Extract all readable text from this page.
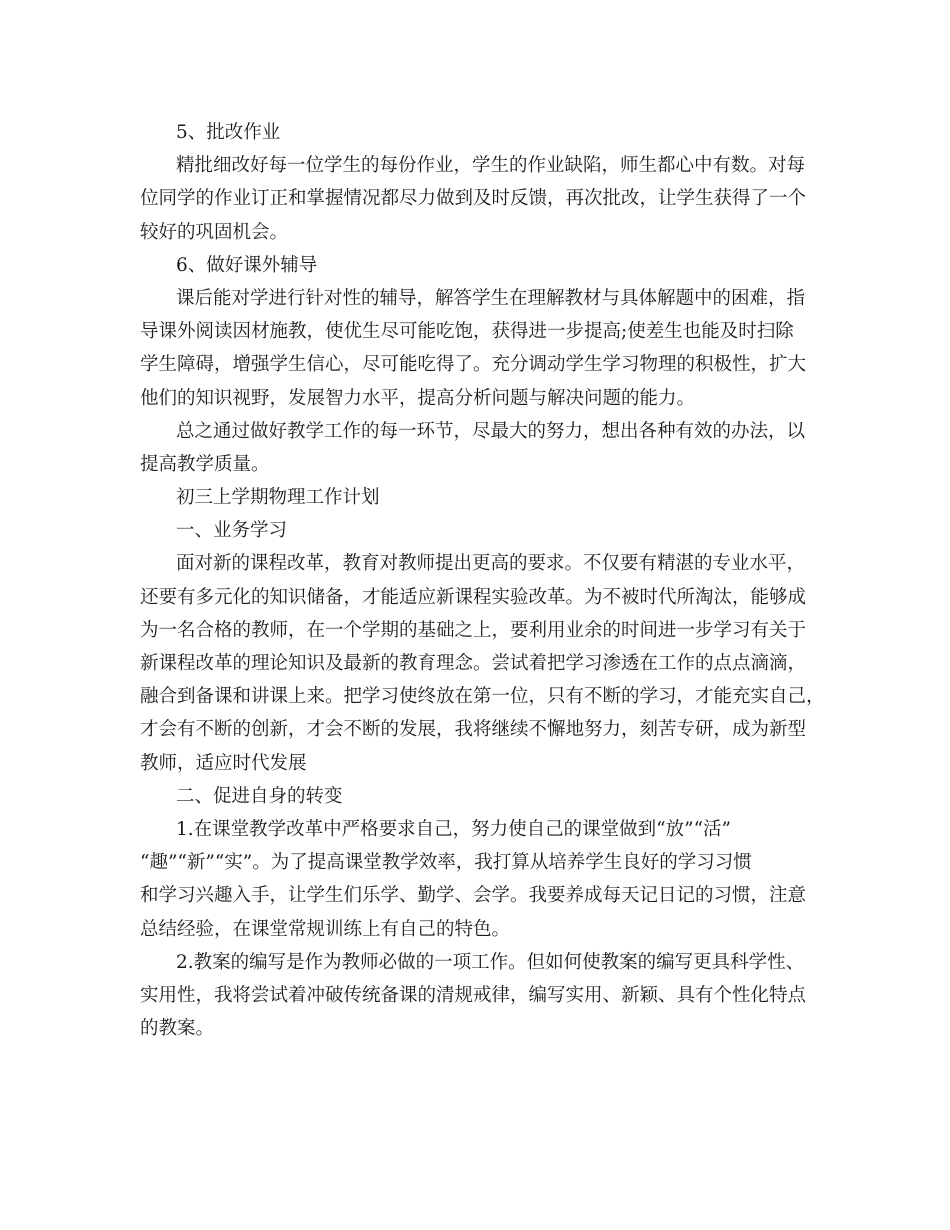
5、批改作业
精批细改好每一位学生的每份作业，学生的作业缺陷，师生都心中有数。对每
位同学的作业订正和掌握情况都尽力做到及时反馈，再次批改，让学生获得了一个
较好的巩固机会。
6、做好课外辅导
课后能对学进行针对性的辅导，解答学生在理解教材与具体解题中的困难，指
导课外阅读因材施教，使优生尽可能吃饱，获得进一步提高;使差生也能及时扫除
学生障碍，增强学生信心，尽可能吃得了。充分调动学生学习物理的积极性，扩大
他们的知识视野，发展智力水平，提高分析问题与解决问题的能力。
总之通过做好教学工作的每一环节，尽最大的努力，想出各种有效的办法，以
提高教学质量。
初三上学期物理工作计划
一、业务学习
面对新的课程改革，教育对教师提出更高的要求。不仅要有精湛的专业水平，
还要有多元化的知识储备，才能适应新课程实验改革。为不被时代所淘汰，能够成
为一名合格的教师，在一个学期的基础之上，要利用业余的时间进一步学习有关于
新课程改革的理论知识及最新的教育理念。尝试着把学习渗透在工作的点点滴滴，
融合到备课和讲课上来。把学习使终放在第一位，只有不断的学习，才能充实自己，
才会有不断的创新，才会不断的发展，我将继续不懈地努力，刻苦专研，成为新型
教师，适应时代发展
二、促进自身的转变
1.在课堂教学改革中严格要求自己，努力使自己的课堂做到“放”“活”
“趣”“新”“实”。为了提高课堂教学效率，我打算从培养学生良好的学习习惯
和学习兴趣入手，让学生们乐学、勤学、会学。我要养成每天记日记的习惯，注意
总结经验，在课堂常规训练上有自己的特色。
2.教案的编写是作为教师必做的一项工作。但如何使教案的编写更具科学性、
实用性，我将尝试着冲破传统备课的清规戒律，编写实用、新颖、具有个性化特点
的教案。
